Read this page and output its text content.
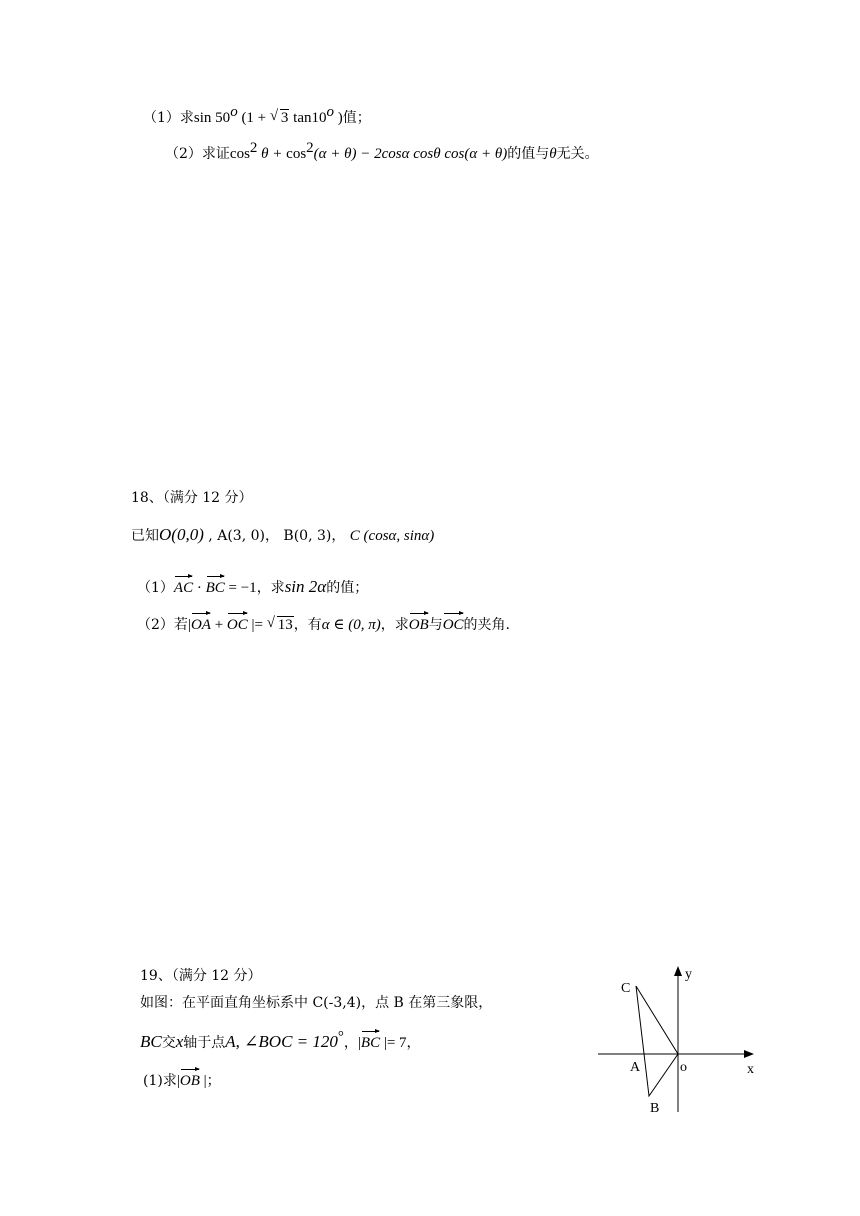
（1）求sin 50$^o$ (1 + √ 3 tan10$^o$ )值；
（2）求证$\cos^2 \theta + \cos^2(\alpha + \theta) - 2\cos\alpha$ cosθ cos(α + θ)的值与θ无关。
18、（满分 12 分）
已知O(0,0) , A(3, 0)， B(0, 3)， C (cosα, sinα)
（1）AC · BC = −1，求sin 2α的值；
（2）若|OA + OC |= √ 13，有α ∈ (0, π)，求OB与OC的夹角.
19、（满分 12 分）
如图：在平面直角坐标系中 C(-3,4)，点 B 在第三象限，
BC交x轴于点A, ∠BOC = 120°，|BC |= 7，
(1)求|OB |；
C
y
A	o	x
B
